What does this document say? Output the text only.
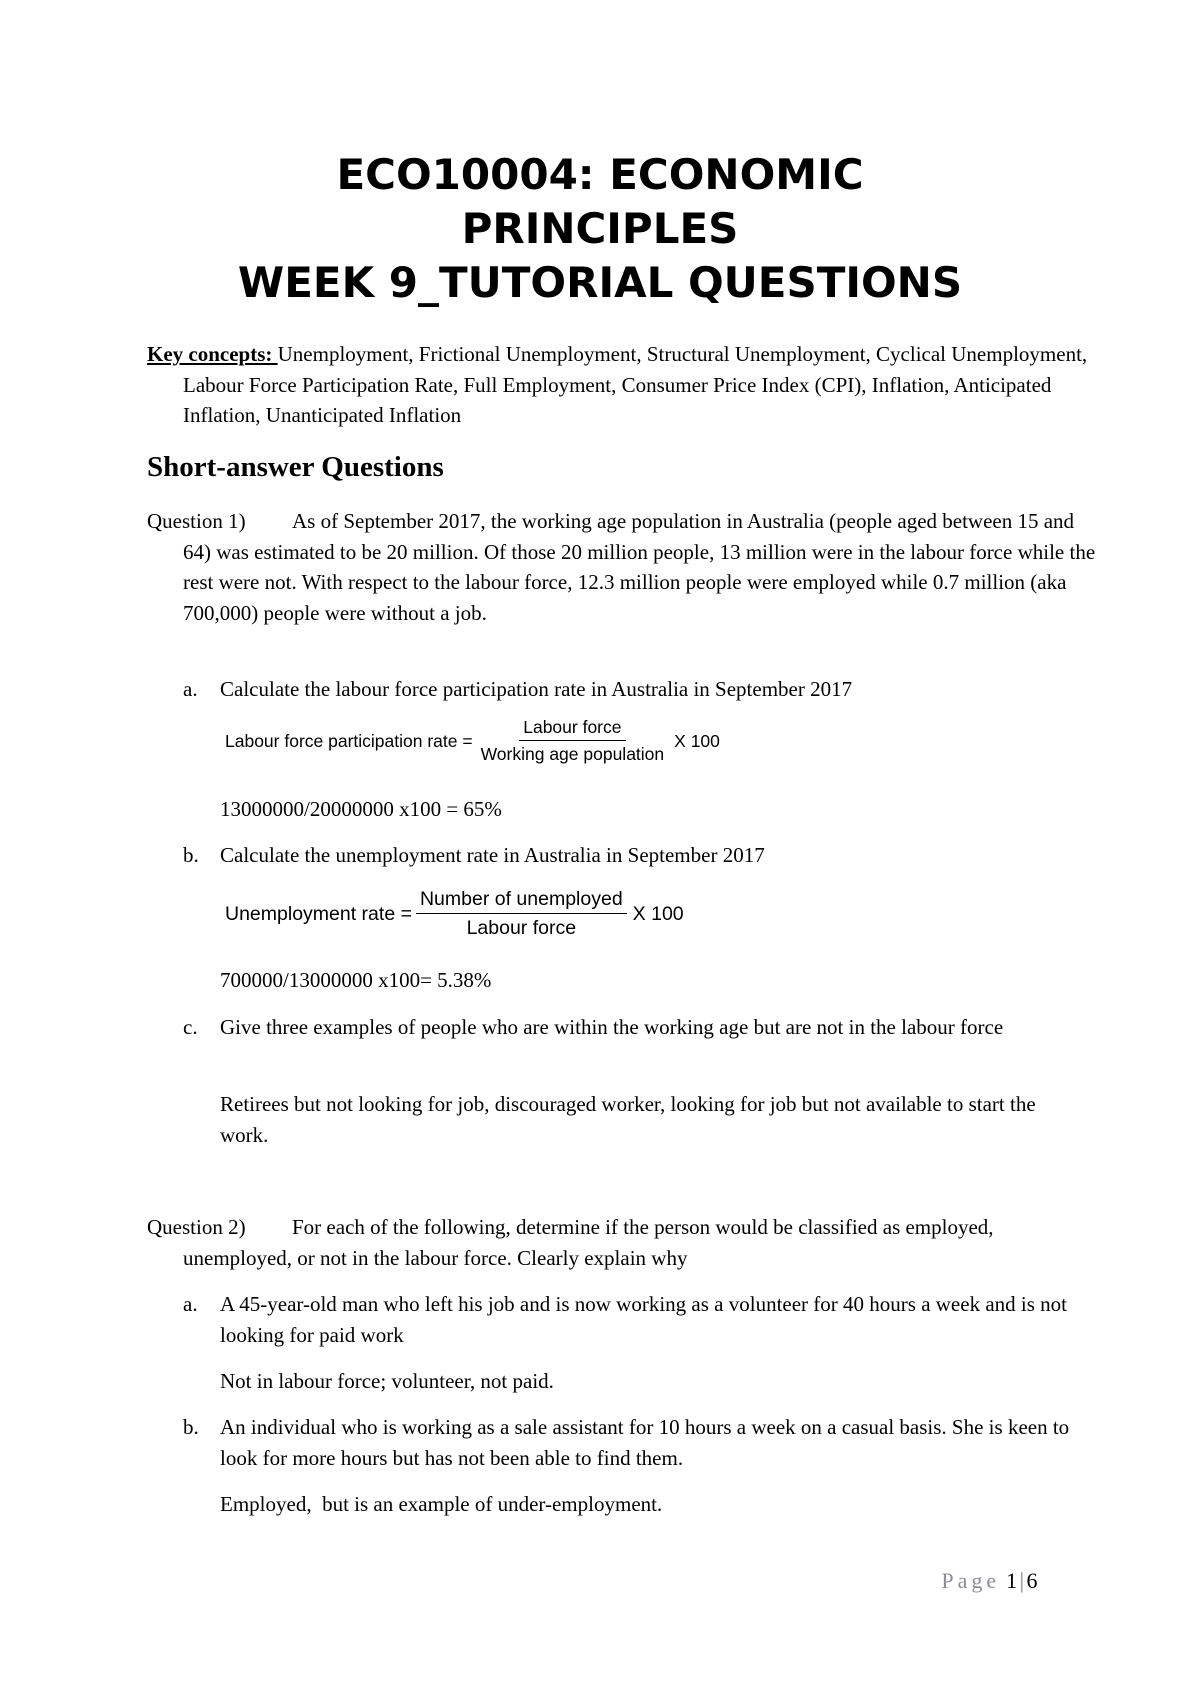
ECO10004: ECONOMIC
PRINCIPLES
WEEK 9_TUTORIAL QUESTIONS
Key concepts: Unemployment, Frictional Unemployment, Structural Unemployment, Cyclical Unemployment, Labour Force Participation Rate, Full Employment, Consumer Price Index (CPI), Inflation, Anticipated Inflation, Unanticipated Inflation
Short-answer Questions
Question 1) As of September 2017, the working age population in Australia (people aged between 15 and 64) was estimated to be 20 million. Of those 20 million people, 13 million were in the labour force while the rest were not. With respect to the labour force, 12.3 million people were employed while 0.7 million (aka 700,000) people were without a job.
a. Calculate the labour force participation rate in Australia in September 2017
Labour force participation rate = $\frac{\text{Labour force}}{\text{Working age population}}$ X 100
13000000/20000000 x100 = 65%
b. Calculate the unemployment rate in Australia in September 2017
Unemployment rate = $\frac{\text{Number of unemployed}}{\text{Labour force}}$ X 100
700000/13000000 x100= 5.38%
c. Give three examples of people who are within the working age but are not in the labour force
Retirees but not looking for job, discouraged worker, looking for job but not available to start the work.
Question 2) For each of the following, determine if the person would be classified as employed, unemployed, or not in the labour force. Clearly explain why
a. A 45-year-old man who left his job and is now working as a volunteer for 40 hours a week and is not looking for paid work
Not in labour force; volunteer, not paid.
b. An individual who is working as a sale assistant for 10 hours a week on a casual basis. She is keen to look for more hours but has not been able to find them.
Employed,  but is an example of under-employment.
Page 1|6
